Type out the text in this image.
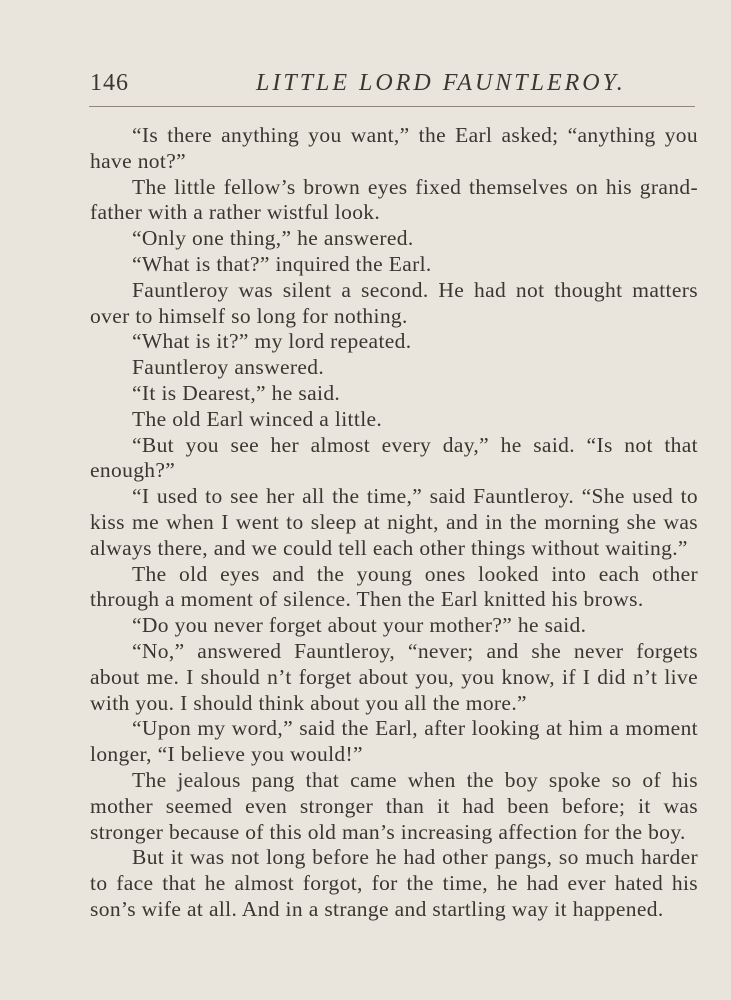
146	LITTLE LORD FAUNTLEROY.

“Is there anything you want,” the Earl asked; “anything you have not?”

The little fellow’s brown eyes fixed themselves on his grand-father with a rather wistful look.

“Only one thing,” he answered.

“What is that?” inquired the Earl.

Fauntleroy was silent a second. He had not thought matters over to himself so long for nothing.

“What is it?” my lord repeated.

Fauntleroy answered.

“It is Dearest,” he said.

The old Earl winced a little.

“But you see her almost every day,” he said. “Is not that enough?”

“I used to see her all the time,” said Fauntleroy. “She used to kiss me when I went to sleep at night, and in the morning she was always there, and we could tell each other things without waiting.”

The old eyes and the young ones looked into each other through a moment of silence. Then the Earl knitted his brows.

“Do you never forget about your mother?” he said.

“No,” answered Fauntleroy, “never; and she never forgets about me. I should n’t forget about you, you know, if I did n’t live with you. I should think about you all the more.”

“Upon my word,” said the Earl, after looking at him a moment longer, “I believe you would!”

The jealous pang that came when the boy spoke so of his mother seemed even stronger than it had been before; it was stronger because of this old man’s increasing affection for the boy.

But it was not long before he had other pangs, so much harder to face that he almost forgot, for the time, he had ever hated his son’s wife at all. And in a strange and startling way it happened.
